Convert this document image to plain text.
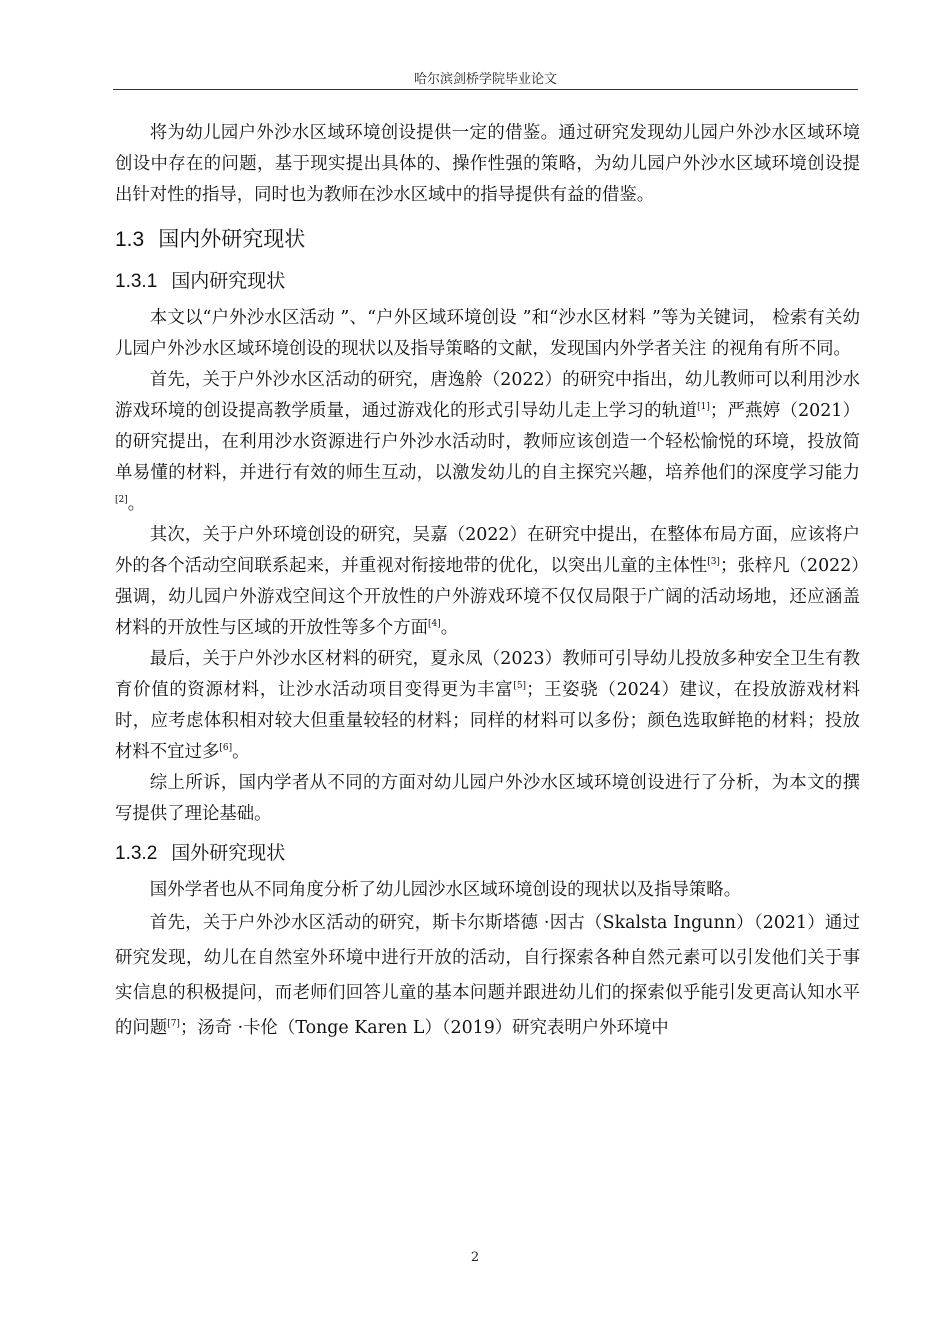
哈尔滨剑桥学院毕业论文

将为幼儿园户外沙水区域环境创设提供一定的借鉴。通过研究发现幼儿园户外沙水区域环境创设中存在的问题，基于现实提出具体的、操作性强的策略，为幼儿园户外沙水区域环境创设提出针对性的指导，同时也为教师在沙水区域中的指导提供有益的借鉴。

1.3 国内外研究现状
1.3.1 国内研究现状

本文以“户外沙水区活动 ”、“户外区域环境创设 ”和“沙水区材料 ”等为关键词， 检索有关幼儿园户外沙水区域环境创设的现状以及指导策略的文献，发现国内外学者关注 的视角有所不同。

首先，关于户外沙水区活动的研究，唐逸舲（2022）的研究中指出，幼儿教师可以利用沙水游戏环境的创设提高教学质量，通过游戏化的形式引导幼儿走上学习的轨道[1]；严燕婷（2021）的研究提出，在利用沙水资源进行户外沙水活动时，教师应该创造一个轻松愉悦的环境，投放简单易懂的材料，并进行有效的师生互动，以激发幼儿的自主探究兴趣，培养他们的深度学习能力[2]。

其次，关于户外环境创设的研究，吴嘉（2022）在研究中提出，在整体布局方面，应该将户外的各个活动空间联系起来，并重视对衔接地带的优化，以突出儿童的主体性[3]；张梓凡（2022）强调，幼儿园户外游戏空间这个开放性的户外游戏环境不仅仅局限于广阔的活动场地，还应涵盖材料的开放性与区域的开放性等多个方面[4]。

最后，关于户外沙水区材料的研究，夏永凤（2023）教师可引导幼儿投放多种安全卫生有教育价值的资源材料，让沙水活动项目变得更为丰富[5]；王姿骁（2024）建议，在投放游戏材料时，应考虑体积相对较大但重量较轻的材料；同样的材料可以多份；颜色选取鲜艳的材料；投放材料不宜过多[6]。

综上所诉，国内学者从不同的方面对幼儿园户外沙水区域环境创设进行了分析，为本文的撰写提供了理论基础。

1.3.2 国外研究现状

国外学者也从不同角度分析了幼儿园沙水区域环境创设的现状以及指导策略。

首先，关于户外沙水区活动的研究，斯卡尔斯塔德 ·因古（Skalsta Ingunn）（2021）通过研究发现，幼儿在自然室外环境中进行开放的活动，自行探索各种自然元素可以引发他们关于事实信息的积极提问，而老师们回答儿童的基本问题并跟进幼儿们的探索似乎能引发更高认知水平的问题[7]；汤奇 ·卡伦（Tonge Karen L）（2019）研究表明户外环境中

2
